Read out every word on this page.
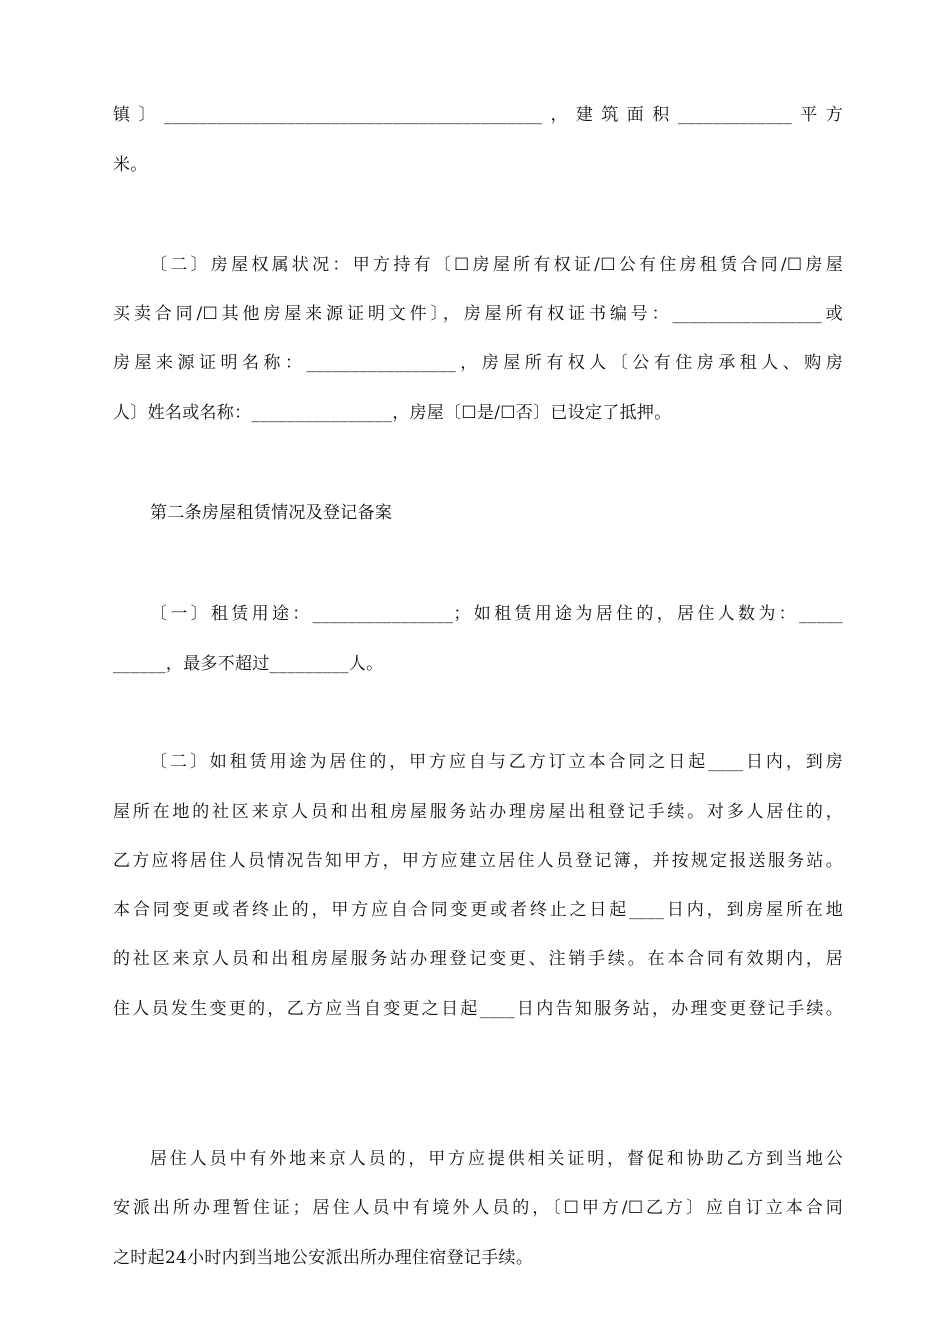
镇〕___________________________________________，建筑面积_____________平方
米。
〔二〕房屋权属状况：甲方持有〔☐房屋所有权证/☐公有住房租赁合同/☐房屋
买卖合同/☐其他房屋来源证明文件〕，房屋所有权证书编号：_________________或
房屋来源证明名称：_________________，房屋所有权人〔公有住房承租人、购房
人〕姓名或名称：________________，房屋〔☐是/☐否〕已设定了抵押。
第二条房屋租赁情况及登记备案
〔一〕租赁用途：________________；如租赁用途为居住的，居住人数为：_____
______，最多不超过_________人。
〔二〕如租赁用途为居住的，甲方应自与乙方订立本合同之日起____日内，到房
屋所在地的社区来京人员和出租房屋服务站办理房屋出租登记手续。对多人居住的，
乙方应将居住人员情况告知甲方，甲方应建立居住人员登记簿，并按规定报送服务站。
本合同变更或者终止的，甲方应自合同变更或者终止之日起____日内，到房屋所在地
的社区来京人员和出租房屋服务站办理登记变更、注销手续。在本合同有效期内，居
住人员发生变更的，乙方应当自变更之日起____日内告知服务站，办理变更登记手续。
居住人员中有外地来京人员的，甲方应提供相关证明，督促和协助乙方到当地公
安派出所办理暂住证；居住人员中有境外人员的，〔☐甲方/☐乙方〕应自订立本合同
之时起24小时内到当地公安派出所办理住宿登记手续。
